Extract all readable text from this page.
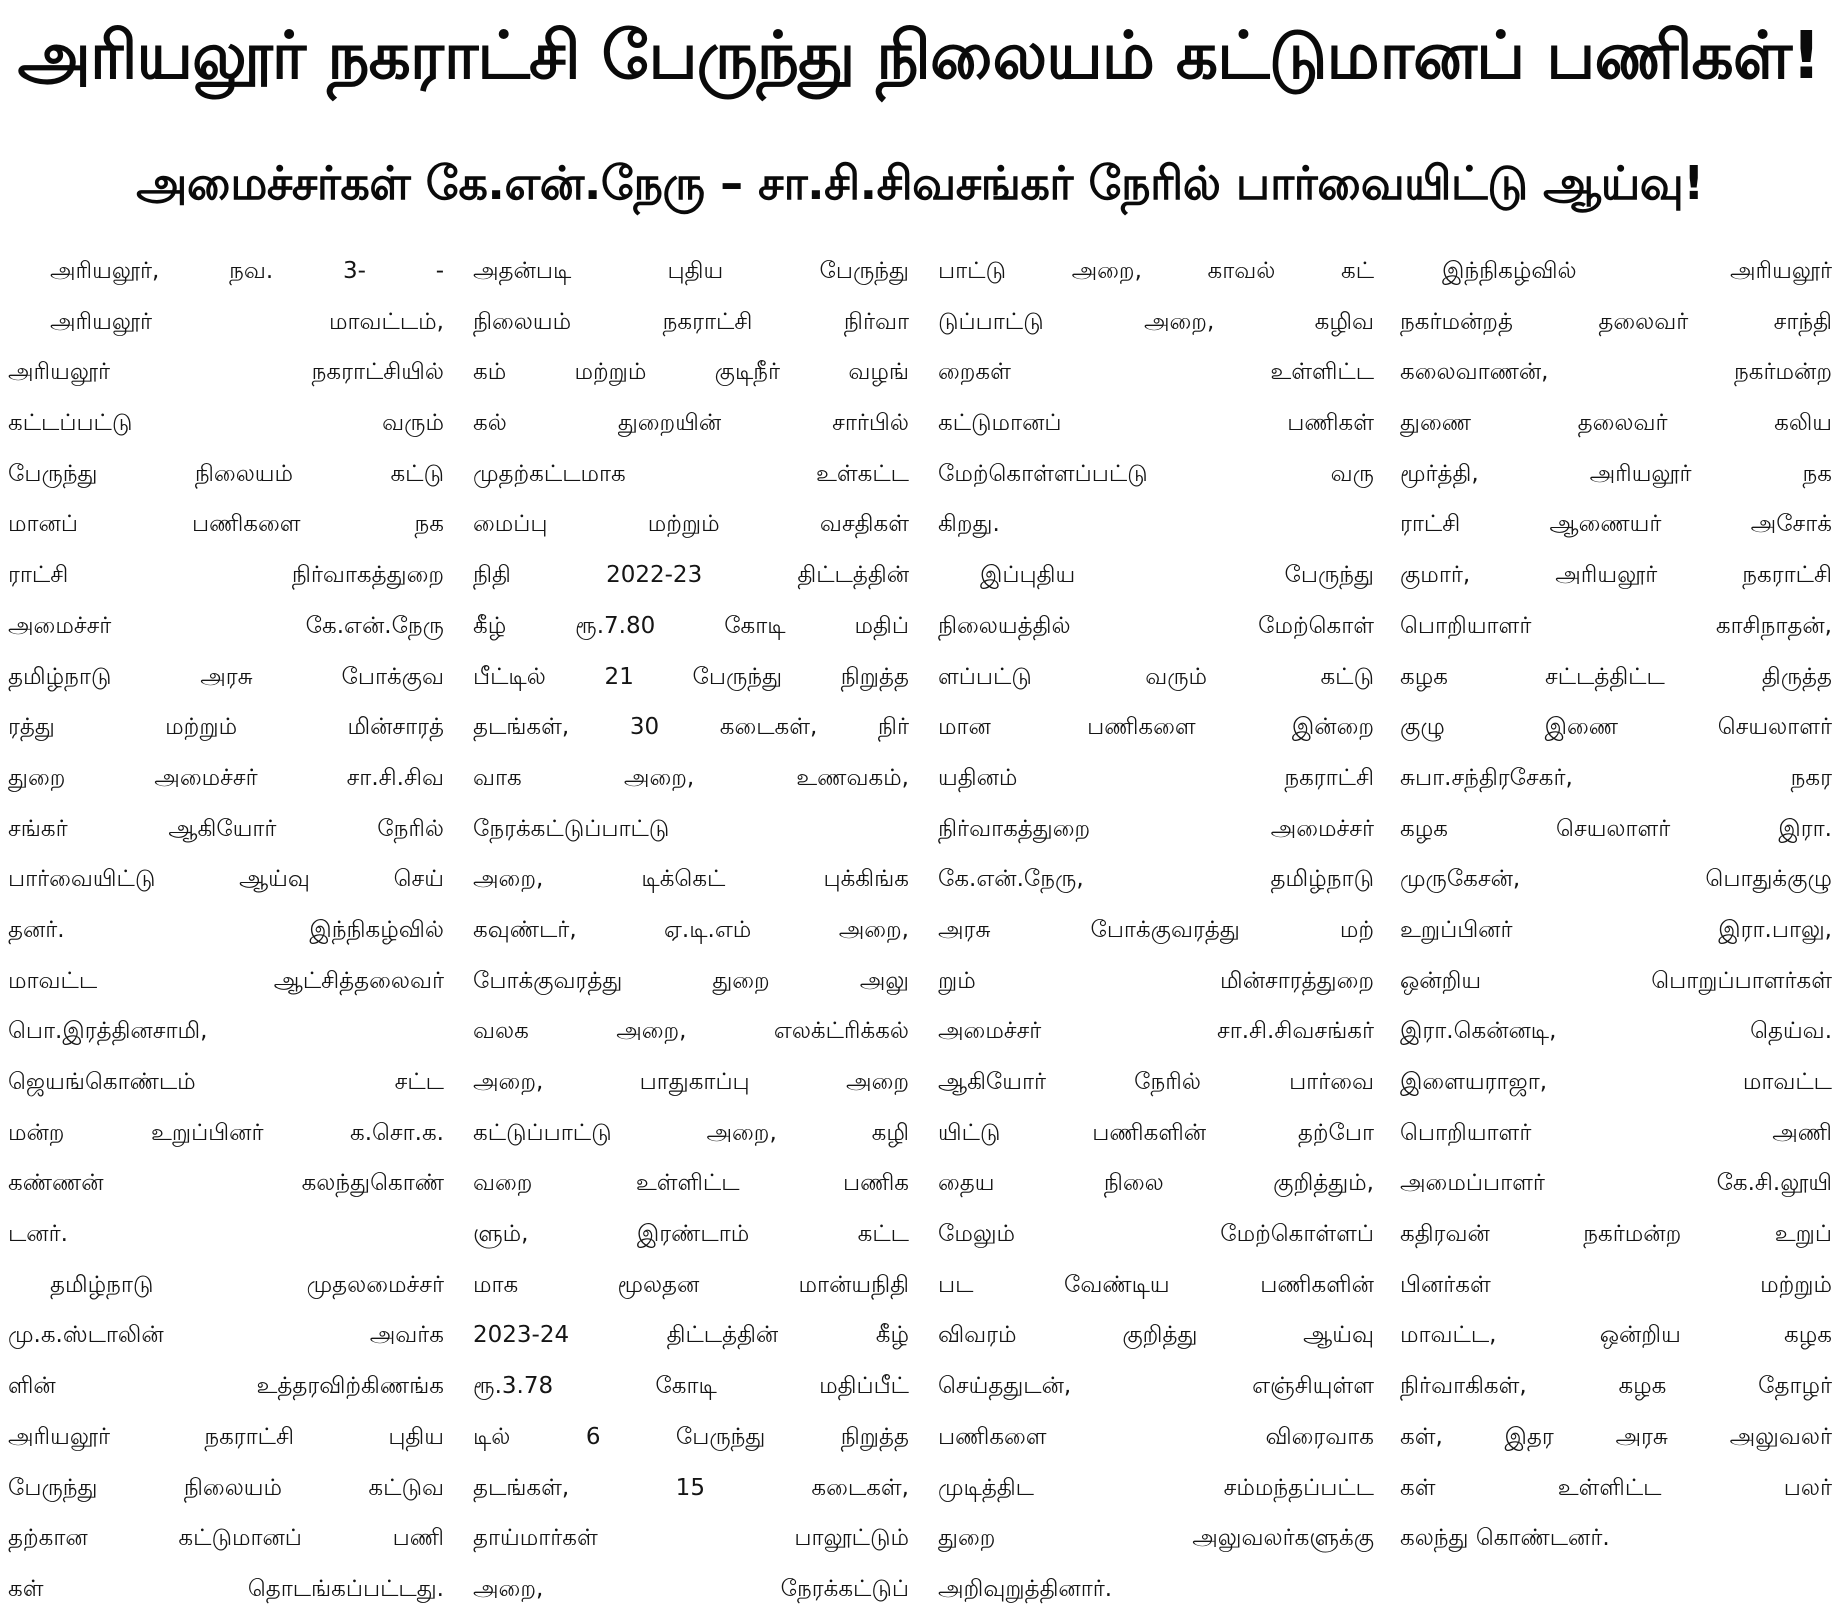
அரியலூர் நகராட்சி பேருந்து நிலையம் கட்டுமானப் பணிகள்!
அமைச்சர்கள் கே.என்.நேரு – சா.சி.சிவசங்கர் நேரில் பார்வையிட்டு ஆய்வு!
அரியலூர், நவ. 3- -
அரியலூர் மாவட்டம்,
அரியலூர் நகராட்சியில்
கட்டப்பட்டு வரும்
பேருந்து நிலையம் கட்டு
மானப் பணிகளை நக
ராட்சி நிர்வாகத்துறை
அமைச்சர் கே.என்.நேரு
தமிழ்நாடு அரசு போக்குவ
ரத்து மற்றும் மின்சாரத்
துறை அமைச்சர் சா.சி.சிவ
சங்கர் ஆகியோர் நேரில்
பார்வையிட்டு ஆய்வு செய்
தனர். இந்நிகழ்வில்
மாவட்ட ஆட்சித்தலைவர்
பொ.இரத்தினசாமி,
ஜெயங்கொண்டம் சட்ட
மன்ற உறுப்பினர் க.சொ.க.
கண்ணன் கலந்துகொண்
டனர்.
தமிழ்நாடு முதலமைச்சர்
மு.க.ஸ்டாலின் அவர்க
ளின் உத்தரவிற்கிணங்க
அரியலூர் நகராட்சி புதிய
பேருந்து நிலையம் கட்டுவ
தற்கான கட்டுமானப் பணி
கள் தொடங்கப்பட்டது.
அதன்படி புதிய பேருந்து
நிலையம் நகராட்சி நிர்வா
கம் மற்றும் குடிநீர் வழங்
கல் துறையின் சார்பில்
முதற்கட்டமாக உள்கட்ட
மைப்பு மற்றும் வசதிகள்
நிதி 2022-23 திட்டத்தின்
கீழ் ரூ.7.80 கோடி மதிப்
பீட்டில் 21 பேருந்து நிறுத்த
தடங்கள், 30 கடைகள், நிர்
வாக அறை, உணவகம்,
நேரக்கட்டுப்பாட்டு
அறை, டிக்கெட் புக்கிங்க
கவுண்டர், ஏ.டி.எம் அறை,
போக்குவரத்து துறை அலு
வலக அறை, எலக்ட்ரிக்கல்
அறை, பாதுகாப்பு அறை
கட்டுப்பாட்டு அறை, கழி
வறை உள்ளிட்ட பணிக
ளும், இரண்டாம் கட்ட
மாக மூலதன மான்யநிதி
2023-24 திட்டத்தின் கீழ்
ரூ.3.78 கோடி மதிப்பீட்
டில் 6 பேருந்து நிறுத்த
தடங்கள், 15 கடைகள்,
தாய்மார்கள் பாலூட்டும்
அறை, நேரக்கட்டுப்
பாட்டு அறை, காவல் கட்
டுப்பாட்டு அறை, கழிவ
றைகள் உள்ளிட்ட
கட்டுமானப் பணிகள்
மேற்கொள்ளப்பட்டு வரு
கிறது.
இப்புதிய பேருந்து
நிலையத்தில் மேற்கொள்
ளப்பட்டு வரும் கட்டு
மான பணிகளை இன்றை
யதினம் நகராட்சி
நிர்வாகத்துறை அமைச்சர்
கே.என்.நேரு, தமிழ்நாடு
அரசு போக்குவரத்து மற்
றும் மின்சாரத்துறை
அமைச்சர் சா.சி.சிவசங்கர்
ஆகியோர் நேரில் பார்வை
யிட்டு பணிகளின் தற்போ
தைய நிலை குறித்தும்,
மேலும் மேற்கொள்ளப்
பட வேண்டிய பணிகளின்
விவரம் குறித்து ஆய்வு
செய்ததுடன், எஞ்சியுள்ள
பணிகளை விரைவாக
முடித்திட சம்மந்தப்பட்ட
துறை அலுவலர்களுக்கு
அறிவுறுத்தினார்.
இந்நிகழ்வில் அரியலூர்
நகர்மன்றத் தலைவர் சாந்தி
கலைவாணன், நகர்மன்ற
துணை தலைவர் கலிய
மூர்த்தி, அரியலூர் நக
ராட்சி ஆணையர் அசோக்
குமார், அரியலூர் நகராட்சி
பொறியாளர் காசிநாதன்,
கழக சட்டத்திட்ட திருத்த
குழு இணை செயலாளர்
சுபா.சந்திரசேகர், நகர
கழக செயலாளர் இரா.
முருகேசன், பொதுக்குழு
உறுப்பினர் இரா.பாலு,
ஒன்றிய பொறுப்பாளர்கள்
இரா.கென்னடி, தெய்வ.
இளையராஜா, மாவட்ட
பொறியாளர் அணி
அமைப்பாளர் கே.சி.லூயி
கதிரவன் நகர்மன்ற உறுப்
பினர்கள் மற்றும்
மாவட்ட, ஒன்றிய கழக
நிர்வாகிகள், கழக தோழர்
கள், இதர அரசு அலுவலர்
கள் உள்ளிட்ட பலர்
கலந்து கொண்டனர்.
